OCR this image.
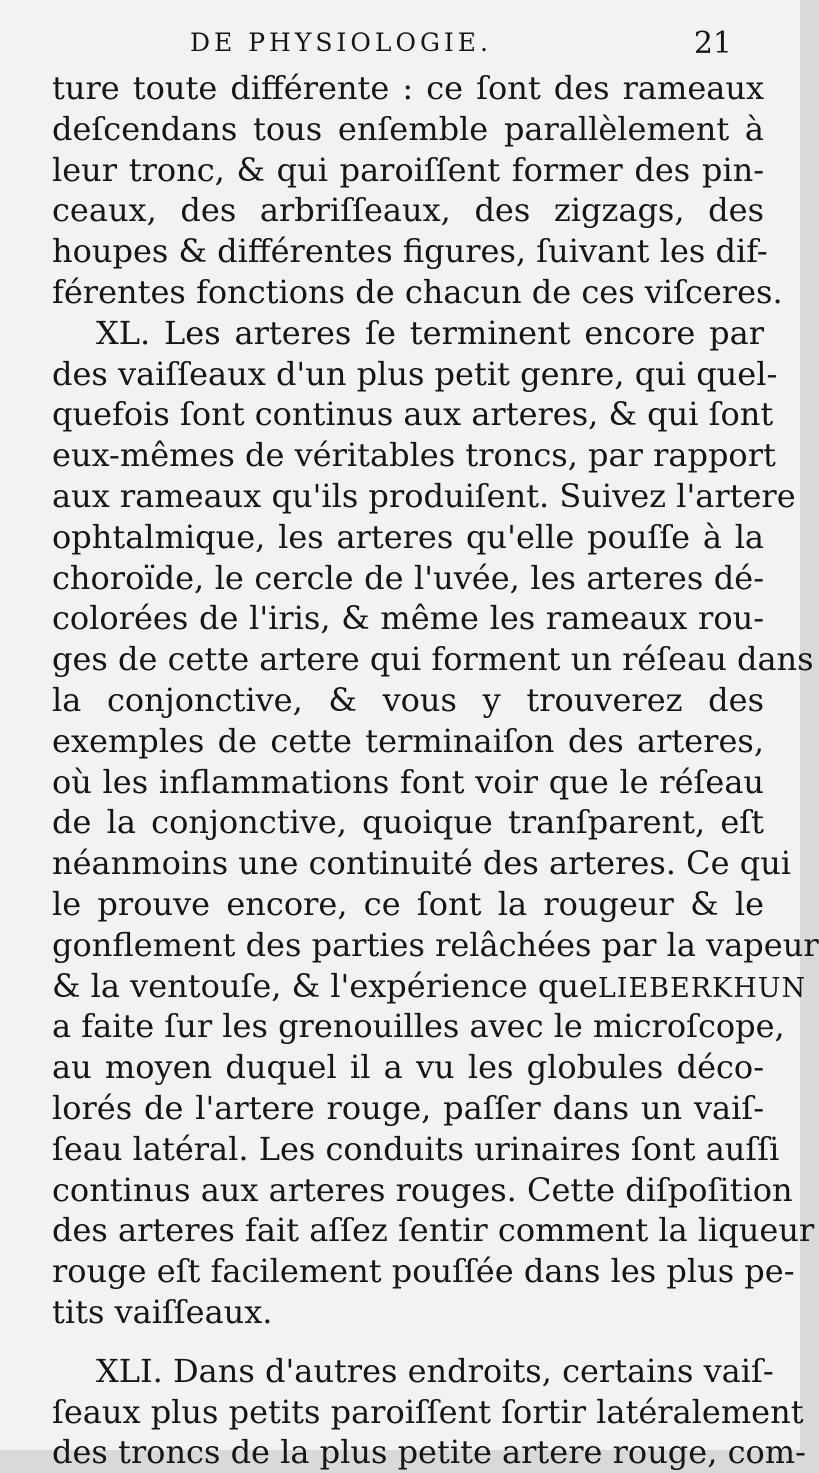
DE PHYSIOLOGIE.	21
ture toute différente : ce ſont des rameaux
deſcendans tous enſemble parallèlement à
leur tronc, & qui paroiſſent former des pin-
ceaux, des arbriſſeaux, des zigzags, des
houpes & différentes figures, ſuivant les dif-
férentes fonctions de chacun de ces viſceres.
XL. Les arteres ſe terminent encore par
des vaiſſeaux d'un plus petit genre, qui quel-
quefois ſont continus aux arteres, & qui ſont
eux-mêmes de véritables troncs, par rapport
aux rameaux qu'ils produiſent. Suivez l'artere
ophtalmique, les arteres qu'elle pouſſe à la
choroïde, le cercle de l'uvée, les arteres dé-
colorées de l'iris, & même les rameaux rou-
ges de cette artere qui forment un réſeau dans
la conjonctive, & vous y trouverez des
exemples de cette terminaiſon des arteres,
où les inflammations font voir que le réſeau
de la conjonctive, quoique tranſparent, eſt
néanmoins une continuité des arteres. Ce qui
le prouve encore, ce ſont la rougeur & le
gonflement des parties relâchées par la vapeur
& la ventouſe, & l'expérience queLIEBERKHUN
a faite ſur les grenouilles avec le microſcope,
au moyen duquel il a vu les globules déco-
lorés de l'artere rouge, paſſer dans un vaiſ-
ſeau latéral. Les conduits urinaires ſont auſſi
continus aux arteres rouges. Cette diſpoſition
des arteres fait aſſez ſentir comment la liqueur
rouge eſt facilement pouſſée dans les plus pe-
tits vaiſſeaux.
XLI. Dans d'autres endroits, certains vaiſ-
ſeaux plus petits paroiſſent ſortir latéralement
des troncs de la plus petite artere rouge, com-
